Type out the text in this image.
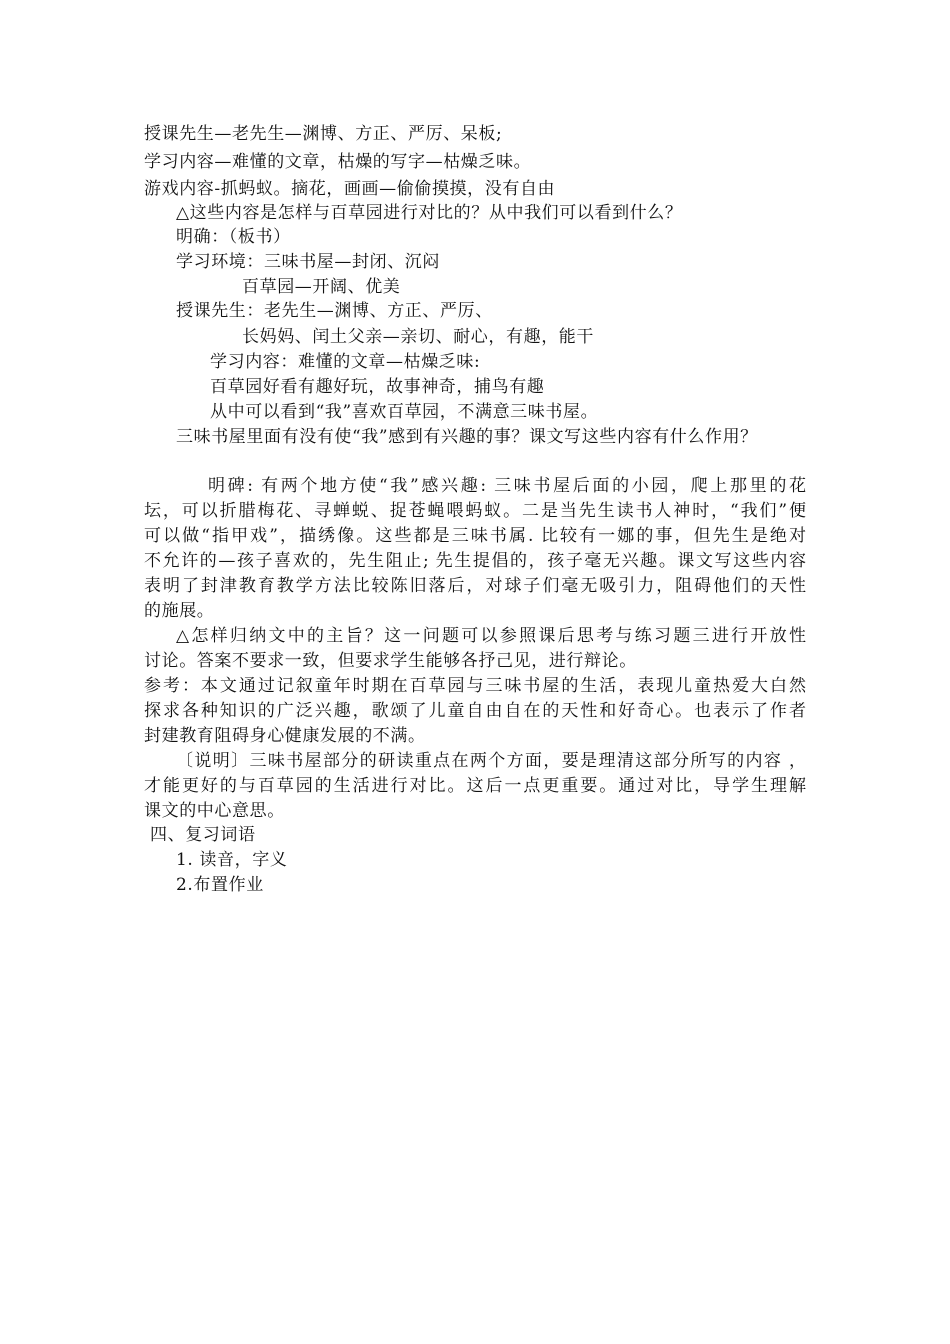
授课先生—老先生—渊博、方正、严厉、呆板;
学习内容—难懂的文章，枯燥的写字—枯燥乏味。
游戏内容-抓蚂蚁。摘花，画画—偷偷摸摸，没有自由
△这些内容是怎样与百草园进行对比的？从中我们可以看到什么？
明确：（板书）
学习环境：三味书屋—封闭、沉闷
百草园—开阔、优美
授课先生：老先生—渊博、方正、严厉、
长妈妈、闰土父亲—亲切、耐心，有趣，能干
学习内容：难懂的文章—枯燥乏味:
百草园好看有趣好玩，故事神奇，捕鸟有趣
从中可以看到“我”喜欢百草园，不满意三味书屋。
三味书屋里面有没有使“我”感到有兴趣的事？课文写这些内容有什么作用？
明碑: 有两个地方使“我”感兴趣: 三味书屋后面的小园，爬上那里的花
坛，可以折腊梅花、寻蝉蜕、捉苍蝇喂蚂蚁。二是当先生读书人神时，“我们”便
可以做“指甲戏”，描绣像。这些都是三味书属. 比较有一娜的事，但先生是绝对
不允许的—孩子喜欢的，先生阻止; 先生提倡的，孩子毫无兴趣。课文写这些内容
表明了封津教育教学方法比较陈旧落后，对球子们毫无吸引力，阻碍他们的天性
的施展。
△怎样归纳文中的主旨？这一问题可以参照课后思考与练习题三进行开放性
讨论。答案不要求一致，但要求学生能够各抒己见，进行辩论。
参考：本文通过记叙童年时期在百草园与三味书屋的生活，表现儿童热爱大白然
探求各种知识的广泛兴趣，歌颂了儿童自由自在的天性和好奇心。也表示了作者
封建教育阻碍身心健康发展的不满。
〔说明〕三味书屋部分的研读重点在两个方面，要是理清这部分所写的内容 ，
才能更好的与百草园的生活进行对比。这后一点更重要。通过对比，导学生理解
课文的中心意思。
四、复习词语
1. 读音，字义
2.布置作业
